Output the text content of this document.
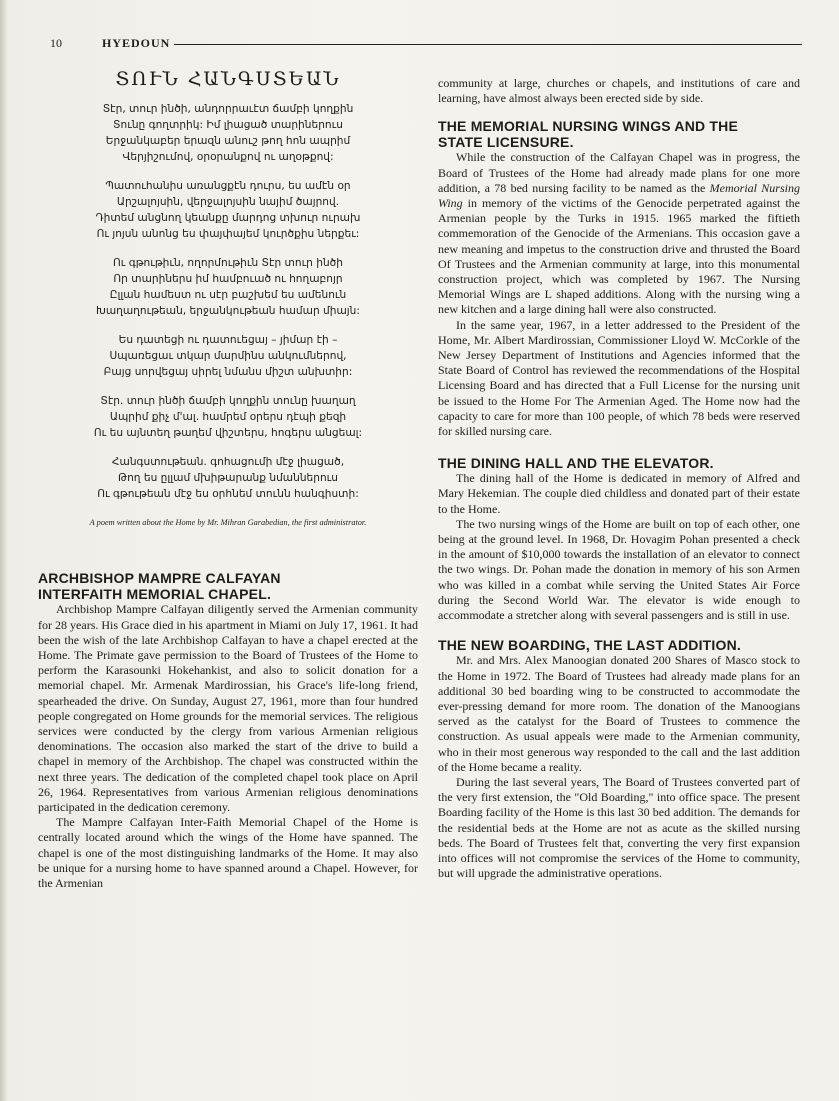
10	HYEDOUN
ՏՈՒՆ ՀԱՆԳՍՏԵԱՆ
Տէր, տուր ինծի, անդորրաւէտ ճամբի կողքին
Տունը գողտրիկ: Իմ լիացած տարիներուս
Երջանկաբեր երազն անուշ թող հոն ապրիմ
Վերյիշումով, օրօրանքով ու աղօթքով:
Պատուհանիս առանցքէն դուրս, ես ամէն օր
Արշալոյսին, վերջալոյսին նայիմ ծայրով.
Դիտեմ անցնող կեանքը մարդոց տխուր ուրախ
Ու յոյսն անոնց ես փայփայեմ կուրծքիս ներքեւ:
Ու գթութիւն, ողորմութիւն Տէր տուր ինծի
Որ տարիներս իմ համբուած ու հողաբոյր
Ըլլան համեստ ու սէր բաշխեմ ես ամենուն
Խաղաղութեան, երջանկութեան համար միայն:
Ես դատեցի ու դատուեցայ – յիմար էի –
Սպառեցաւ տկար մարմինս անկումներով,
Բայց սորվեցայ սիրել նմանս միշտ անխտիր:
Տէր. տուր ինծի ճամբի կողքին տունը խաղաղ
Ապրիմ քիչ մ'ալ. համրեմ օրերս դէպի քեզի
Ու ես այնտեղ թաղեմ վիշտերս, հոգերս անցեալ:
Հանգստութեան. գոհացումի մէջ լիացած,
Թող ես ըլլամ մխիթարանք նմաններուս
Ու գթութեան մէջ ես օրհնեմ տունն հանգիստի:
A poem written about the Home by Mr. Mihran Garabedian, the first administrator.
ARCHBISHOP MAMPRE CALFAYAN
INTERFAITH MEMORIAL CHAPEL.

Archbishop Mampre Calfayan diligently served the Armenian community for 28 years. His Grace died in his apartment in Miami on July 17, 1961. It had been the wish of the late Archbishop Calfayan to have a chapel erected at the Home. The Primate gave permission to the Board of Trustees of the Home to perform the Karasounki Hokehankist, and also to solicit donation for a memorial chapel. Mr. Armenak Mardirossian, his Grace's life-long friend, spearheaded the drive. On Sunday, August 27, 1961, more than four hundred people congregated on Home grounds for the memorial services. The religious services were conducted by the clergy from various Armenian religious denominations. The occasion also marked the start of the drive to build a chapel in memory of the Archbishop. The chapel was constructed within the next three years. The dedication of the completed chapel took place on April 26, 1964. Representatives from various Armenian religious denominations participated in the dedication ceremony.

The Mampre Calfayan Inter-Faith Memorial Chapel of the Home is centrally located around which the wings of the Home have spanned. The chapel is one of the most distinguishing landmarks of the Home. It may also be unique for a nursing home to have spanned around a Chapel. However, for the Armenian

community at large, churches or chapels, and institutions of care and learning, have almost always been erected side by side.

THE MEMORIAL NURSING WINGS AND THE
STATE LICENSURE.

While the construction of the Calfayan Chapel was in progress, the Board of Trustees of the Home had already made plans for one more addition, a 78 bed nursing facility to be named as the Memorial Nursing Wing in memory of the victims of the Genocide perpetrated against the Armenian people by the Turks in 1915. 1965 marked the fiftieth commemoration of the Genocide of the Armenians. This occasion gave a new meaning and impetus to the construction drive and thrusted the Board Of Trustees and the Armenian community at large, into this monumental construction project, which was completed by 1967. The Nursing Memorial Wings are L shaped additions. Along with the nursing wing a new kitchen and a large dining hall were also constructed.

In the same year, 1967, in a letter addressed to the President of the Home, Mr. Albert Mardirossian, Commissioner Lloyd W. McCorkle of the New Jersey Department of Institutions and Agencies informed that the State Board of Control has reviewed the recommendations of the Hospital Licensing Board and has directed that a Full License for the nursing unit be issued to the Home For The Armenian Aged. The Home now had the capacity to care for more than 100 people, of which 78 beds were reserved for skilled nursing care.

THE DINING HALL AND THE ELEVATOR.

The dining hall of the Home is dedicated in memory of Alfred and Mary Hekemian. The couple died childless and donated part of their estate to the Home.

The two nursing wings of the Home are built on top of each other, one being at the ground level. In 1968, Dr. Hovagim Pohan presented a check in the amount of $10,000 towards the installation of an elevator to connect the two wings. Dr. Pohan made the donation in memory of his son Armen who was killed in a combat while serving the United States Air Force during the Second World War. The elevator is wide enough to accommodate a stretcher along with several passengers and is still in use.

THE NEW BOARDING, THE LAST ADDITION.

Mr. and Mrs. Alex Manoogian donated 200 Shares of Masco stock to the Home in 1972. The Board of Trustees had already made plans for an additional 30 bed boarding wing to be constructed to accommodate the ever-pressing demand for more room. The donation of the Manoogians served as the catalyst for the Board of Trustees to commence the construction. As usual appeals were made to the Armenian community, who in their most generous way responded to the call and the last addition of the Home became a reality.

During the last several years, The Board of Trustees converted part of the very first extension, the "Old Boarding," into office space. The present Boarding facility of the Home is this last 30 bed addition. The demands for the residential beds at the Home are not as acute as the skilled nursing beds. The Board of Trustees felt that, converting the very first expansion into offices will not compromise the services of the Home to community, but will upgrade the administrative operations.
